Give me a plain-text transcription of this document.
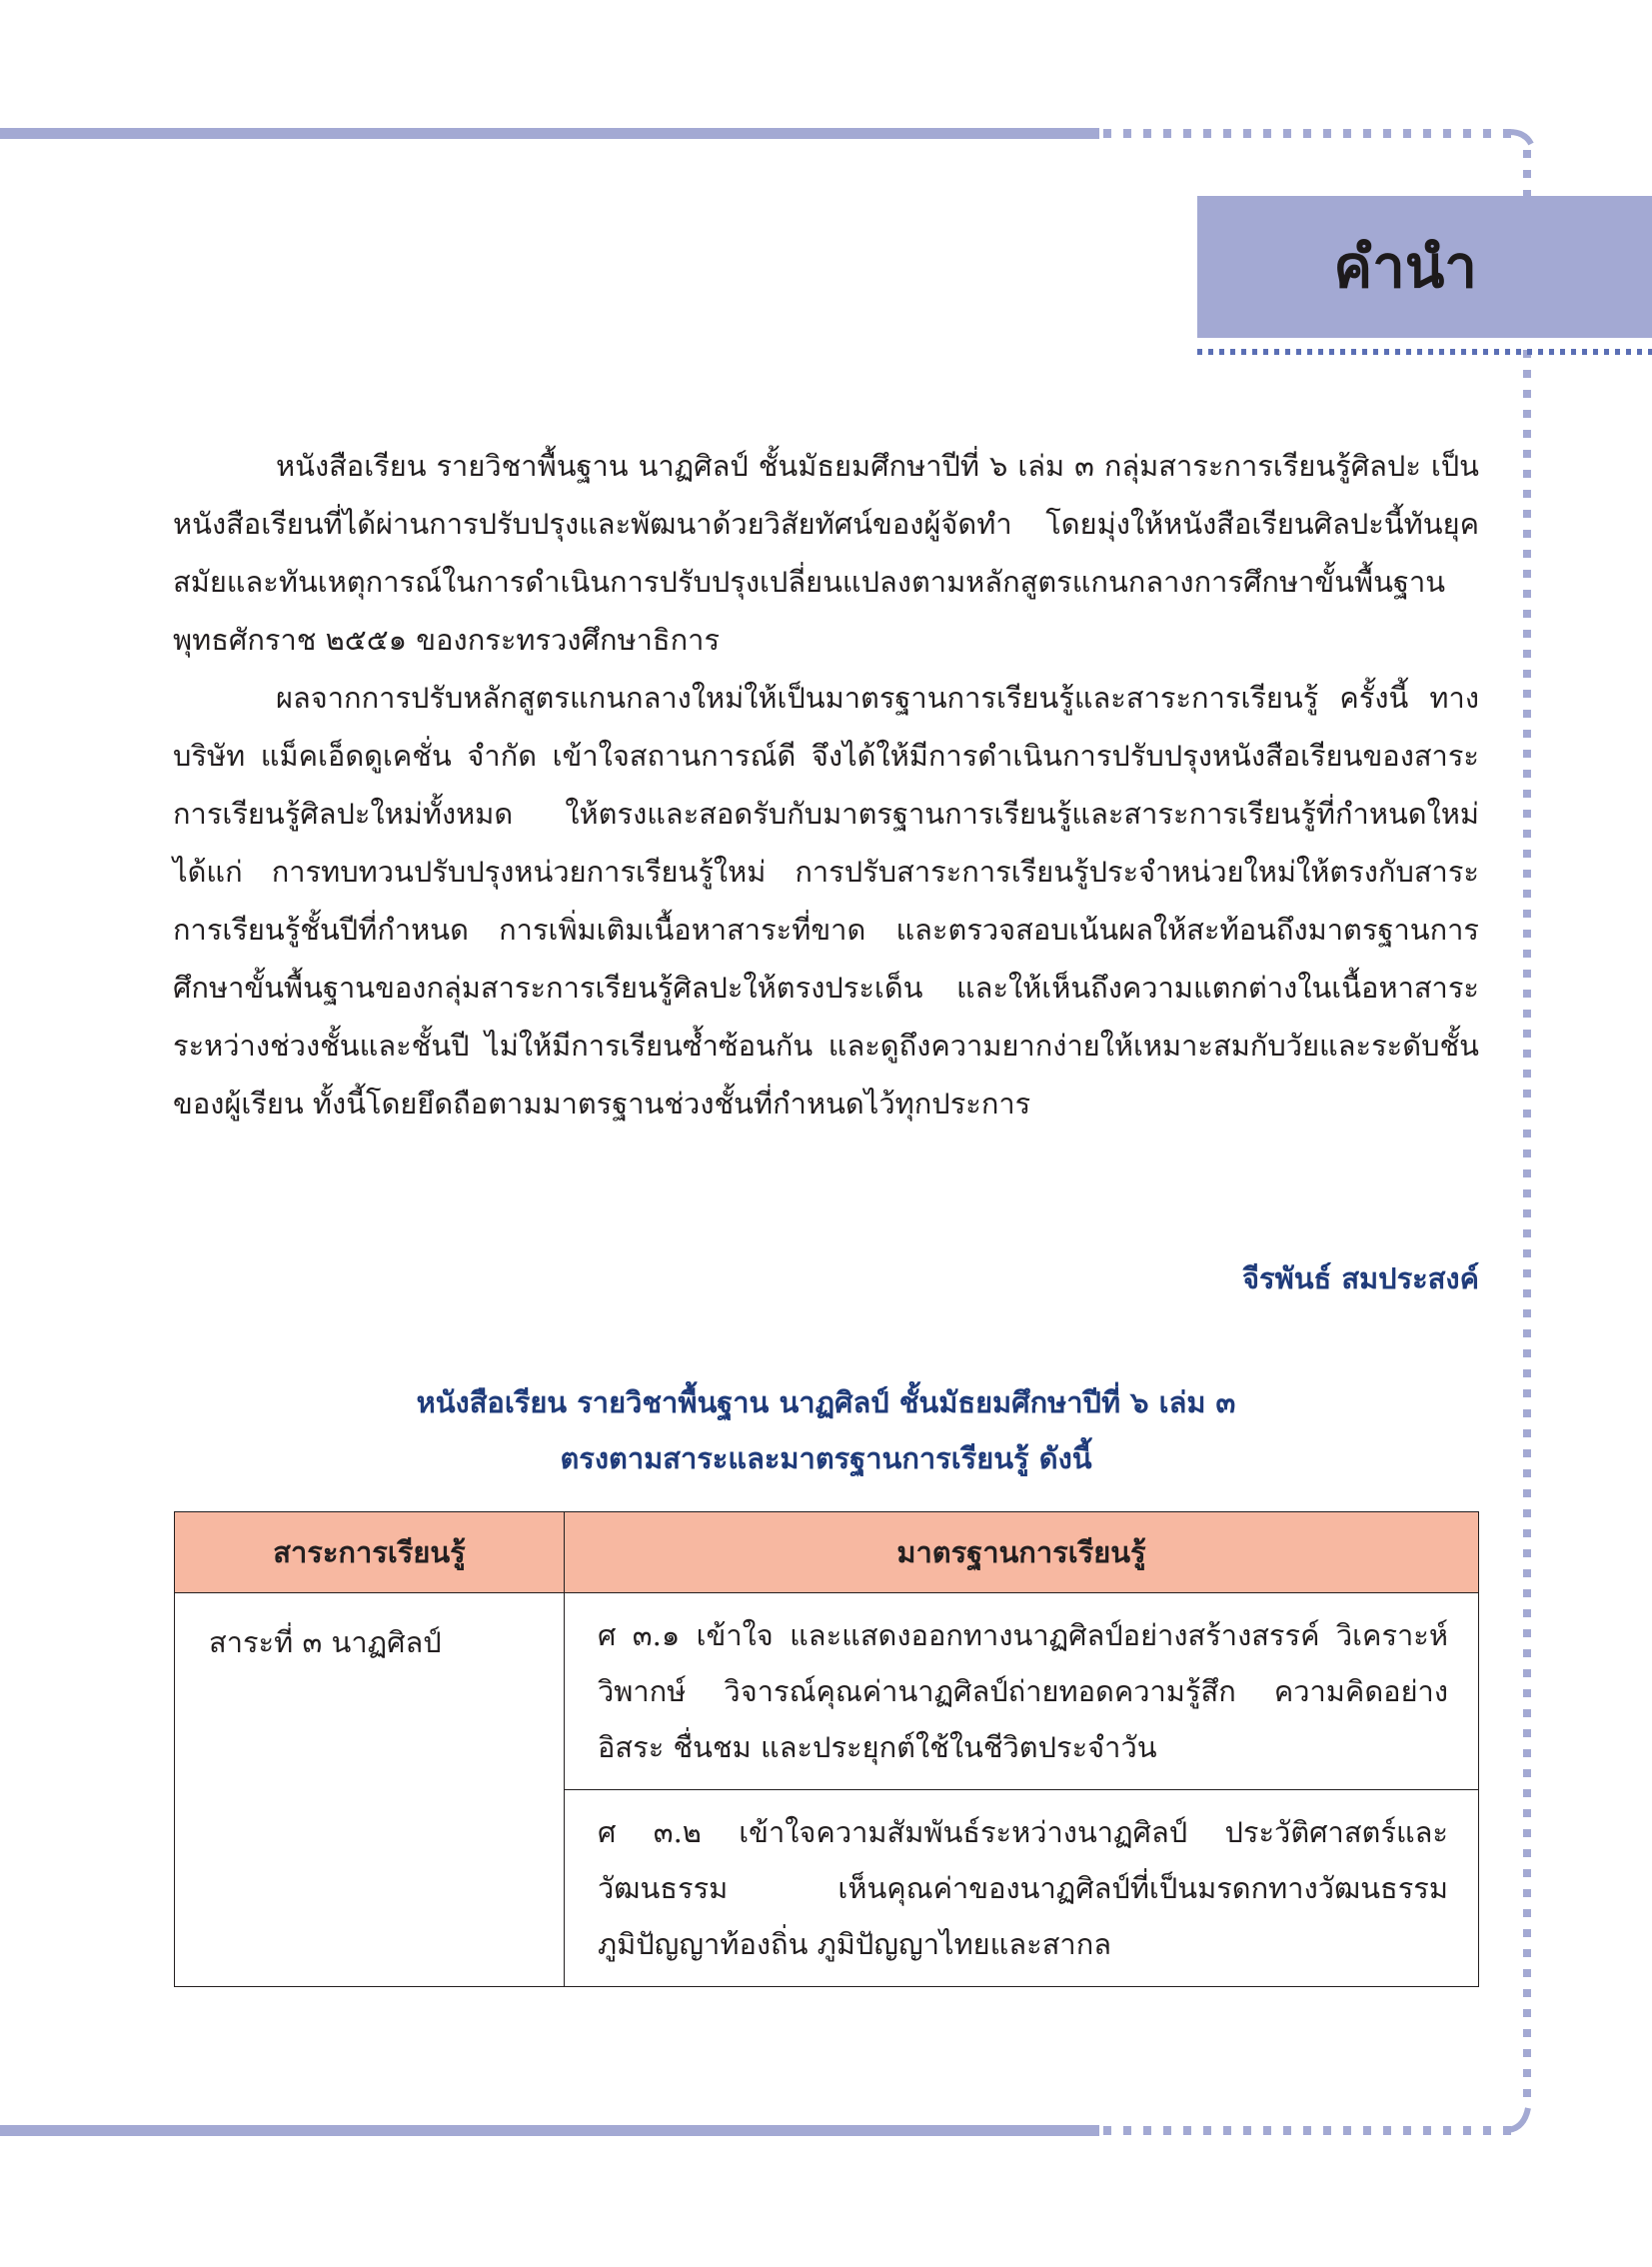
คำนำ

หนังสือเรียน รายวิชาพื้นฐาน นาฏศิลป์ ชั้นมัธยมศึกษาปีที่ ๖ เล่ม ๓ กลุ่มสาระการเรียนรู้ศิลปะ เป็นหนังสือเรียนที่ได้ผ่านการปรับปรุงและพัฒนาด้วยวิสัยทัศน์ของผู้จัดทำ โดยมุ่งให้หนังสือเรียนศิลปะนี้ทันยุคสมัยและทันเหตุการณ์ในการดำเนินการปรับปรุงเปลี่ยนแปลงตามหลักสูตรแกนกลางการศึกษาขั้นพื้นฐาน พุทธศักราช ๒๕๕๑ ของกระทรวงศึกษาธิการ

ผลจากการปรับหลักสูตรแกนกลางใหม่ให้เป็นมาตรฐานการเรียนรู้และสาระการเรียนรู้ ครั้งนี้ ทางบริษัท แม็คเอ็ดดูเคชั่น จำกัด เข้าใจสถานการณ์ดี จึงได้ให้มีการดำเนินการปรับปรุงหนังสือเรียนของสาระการเรียนรู้ศิลปะใหม่ทั้งหมด ให้ตรงและสอดรับกับมาตรฐานการเรียนรู้และสาระการเรียนรู้ที่กำหนดใหม่ ได้แก่ การทบทวนปรับปรุงหน่วยการเรียนรู้ใหม่ การปรับสาระการเรียนรู้ประจำหน่วยใหม่ให้ตรงกับสาระการเรียนรู้ชั้นปีที่กำหนด การเพิ่มเติมเนื้อหาสาระที่ขาด และตรวจสอบเน้นผลให้สะท้อนถึงมาตรฐานการศึกษาขั้นพื้นฐานของกลุ่มสาระการเรียนรู้ศิลปะให้ตรงประเด็น และให้เห็นถึงความแตกต่างในเนื้อหาสาระระหว่างช่วงชั้นและชั้นปี ไม่ให้มีการเรียนซ้ำซ้อนกัน และดูถึงความยากง่ายให้เหมาะสมกับวัยและระดับชั้นของผู้เรียน ทั้งนี้โดยยึดถือตามมาตรฐานช่วงชั้นที่กำหนดไว้ทุกประการ

จีรพันธ์ สมประสงค์
หนังสือเรียน รายวิชาพื้นฐาน นาฏศิลป์ ชั้นมัธยมศึกษาปีที่ ๖ เล่ม ๓
ตรงตามสาระและมาตรฐานการเรียนรู้ ดังนี้
สาระการเรียนรู้	มาตรฐานการเรียนรู้

สาระที่ ๓ นาฏศิลป์	ศ ๓.๑ เข้าใจ และแสดงออกทางนาฏศิลป์อย่างสร้างสรรค์ วิเคราะห์ วิพากษ์ วิจารณ์คุณค่านาฏศิลป์ถ่ายทอดความรู้สึก ความคิดอย่างอิสระ ชื่นชม และประยุกต์ใช้ในชีวิตประจำวัน

	ศ ๓.๒ เข้าใจความสัมพันธ์ระหว่างนาฏศิลป์ ประวัติศาสตร์และวัฒนธรรม เห็นคุณค่าของนาฏศิลป์ที่เป็นมรดกทางวัฒนธรรม ภูมิปัญญาท้องถิ่น ภูมิปัญญาไทยและสากล
